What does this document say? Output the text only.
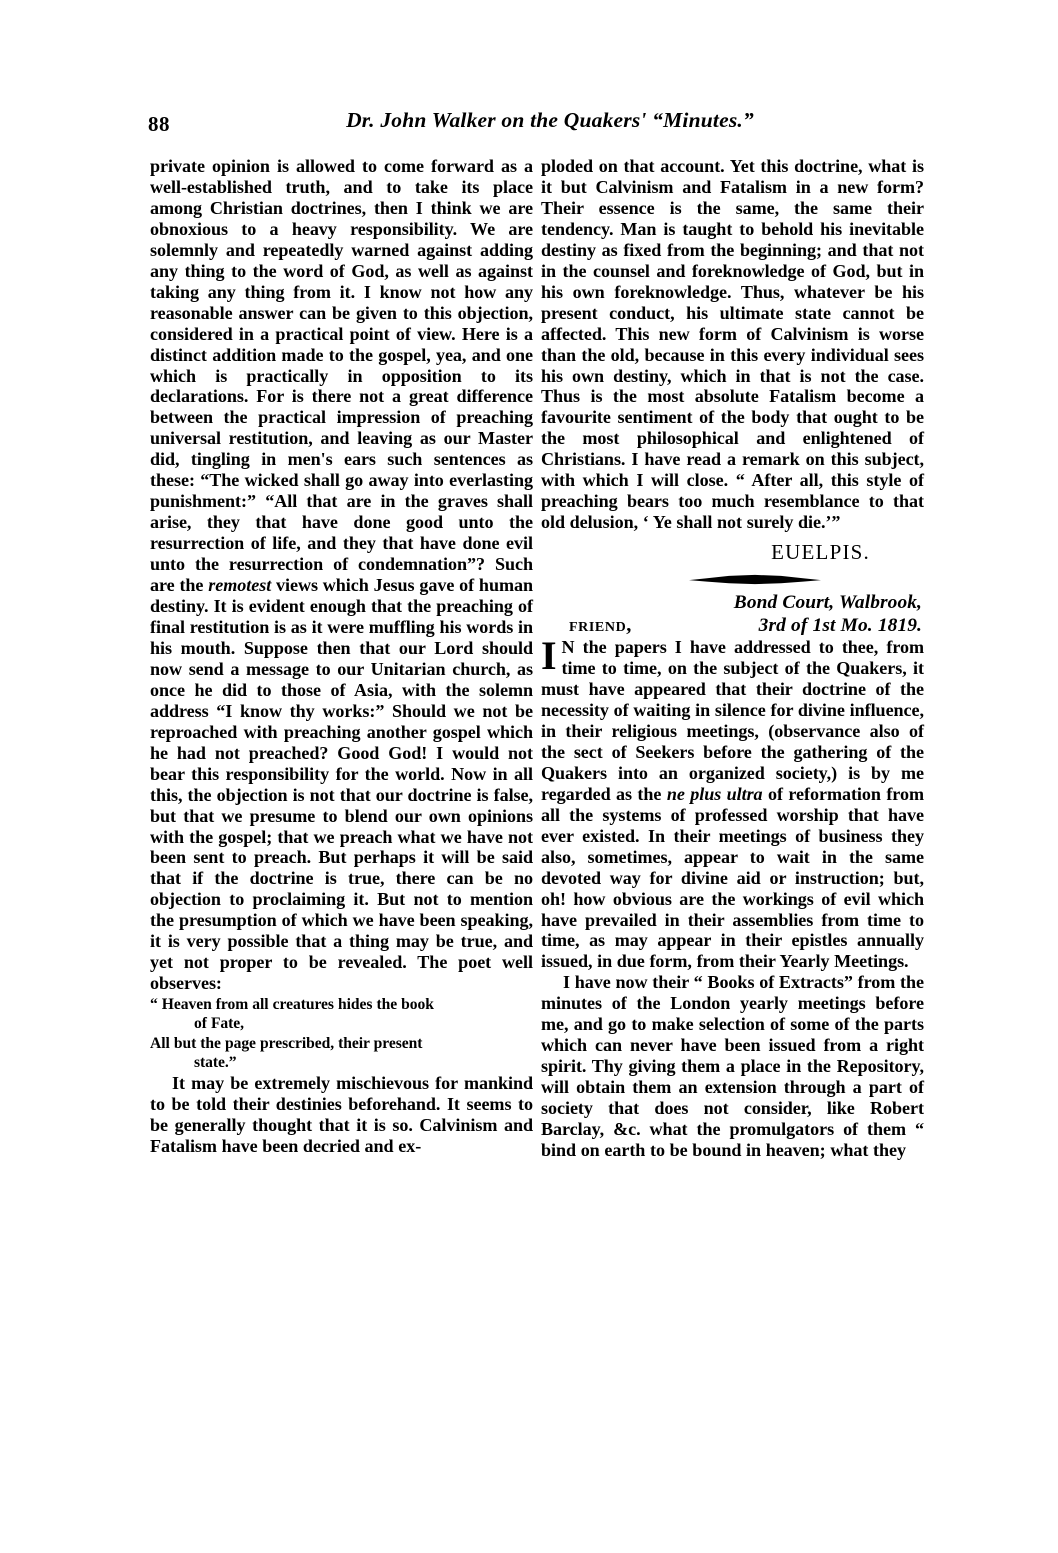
88	Dr. John Walker on the Quakers' “Minutes.”

private opinion is allowed to come forward as a well-established truth, and to take its place among Christian doctrines, then I think we are obnoxious to a heavy responsibility. We are solemnly and repeatedly warned against adding any thing to the word of God, as well as against taking any thing from it. I know not how any reasonable answer can be given to this objection, considered in a practical point of view. Here is a distinct addition made to the gospel, yea, and one which is practically in opposition to its declarations. For is there not a great difference between the practical impression of preaching universal restitution, and leaving as our Master did, tingling in men's ears such sentences as these: “The wicked shall go away into everlasting punishment:” “All that are in the graves shall arise, they that have done good unto the resurrection of life, and they that have done evil unto the resurrection of condemnation”? Such are the remotest views which Jesus gave of human destiny. It is evident enough that the preaching of final restitution is as it were muffling his words in his mouth. Suppose then that our Lord should now send a message to our Unitarian church, as once he did to those of Asia, with the solemn address “I know thy works:” Should we not be reproached with preaching another gospel which he had not preached? Good God! I would not bear this responsibility for the world. Now in all this, the objection is not that our doctrine is false, but that we presume to blend our own opinions with the gospel; that we preach what we have not been sent to preach. But perhaps it will be said that if the doctrine is true, there can be no objection to proclaiming it. But not to mention the presumption of which we have been speaking, it is very possible that a thing may be true, and yet not proper to be revealed. The poet well observes:

“ Heaven from all creatures hides the book
of Fate,
All but the page prescribed, their present
state.”

It may be extremely mischievous for mankind to be told their destinies beforehand. It seems to be generally thought that it is so. Calvinism and Fatalism have been decried and ex-

ploded on that account. Yet this doctrine, what is it but Calvinism and Fatalism in a new form? Their essence is the same, the same their tendency. Man is taught to behold his inevitable destiny as fixed from the beginning; and that not in the counsel and foreknowledge of God, but in his own foreknowledge. Thus, whatever be his present conduct, his ultimate state cannot be affected. This new form of Calvinism is worse than the old, because in this every individual sees his own destiny, which in that is not the case. Thus is the most absolute Fatalism become a favourite sentiment of the body that ought to be the most philosophical and enlightened of Christians. I have read a remark on this subject, with which I will close. “ After all, this style of preaching bears too much resemblance to that old delusion, ‘ Ye shall not surely die.’”

EUELPIS.
Bond Court, Walbrook,
friend,	3rd of 1st Mo. 1819.

I N the papers I have addressed to thee, from time to time, on the subject of the Quakers, it must have appeared that their doctrine of the necessity of waiting in silence for divine influence, in their religious meetings, (observance also of the sect of Seekers before the gathering of the Quakers into an organized society,) is by me regarded as the ne plus ultra of reformation from all the systems of professed worship that have ever existed. In their meetings of business they also, sometimes, appear to wait in the same devoted way for divine aid or instruction; but, oh! how obvious are the workings of evil which have prevailed in their assemblies from time to time, as may appear in their epistles annually issued, in due form, from their Yearly Meetings.

I have now their “ Books of Extracts” from the minutes of the London yearly meetings before me, and go to make selection of some of the parts which can never have been issued from a right spirit. Thy giving them a place in the Repository, will obtain them an extension through a part of society that does not consider, like Robert Barclay, &c. what the promulgators of them “ bind on earth to be bound in heaven; what they
